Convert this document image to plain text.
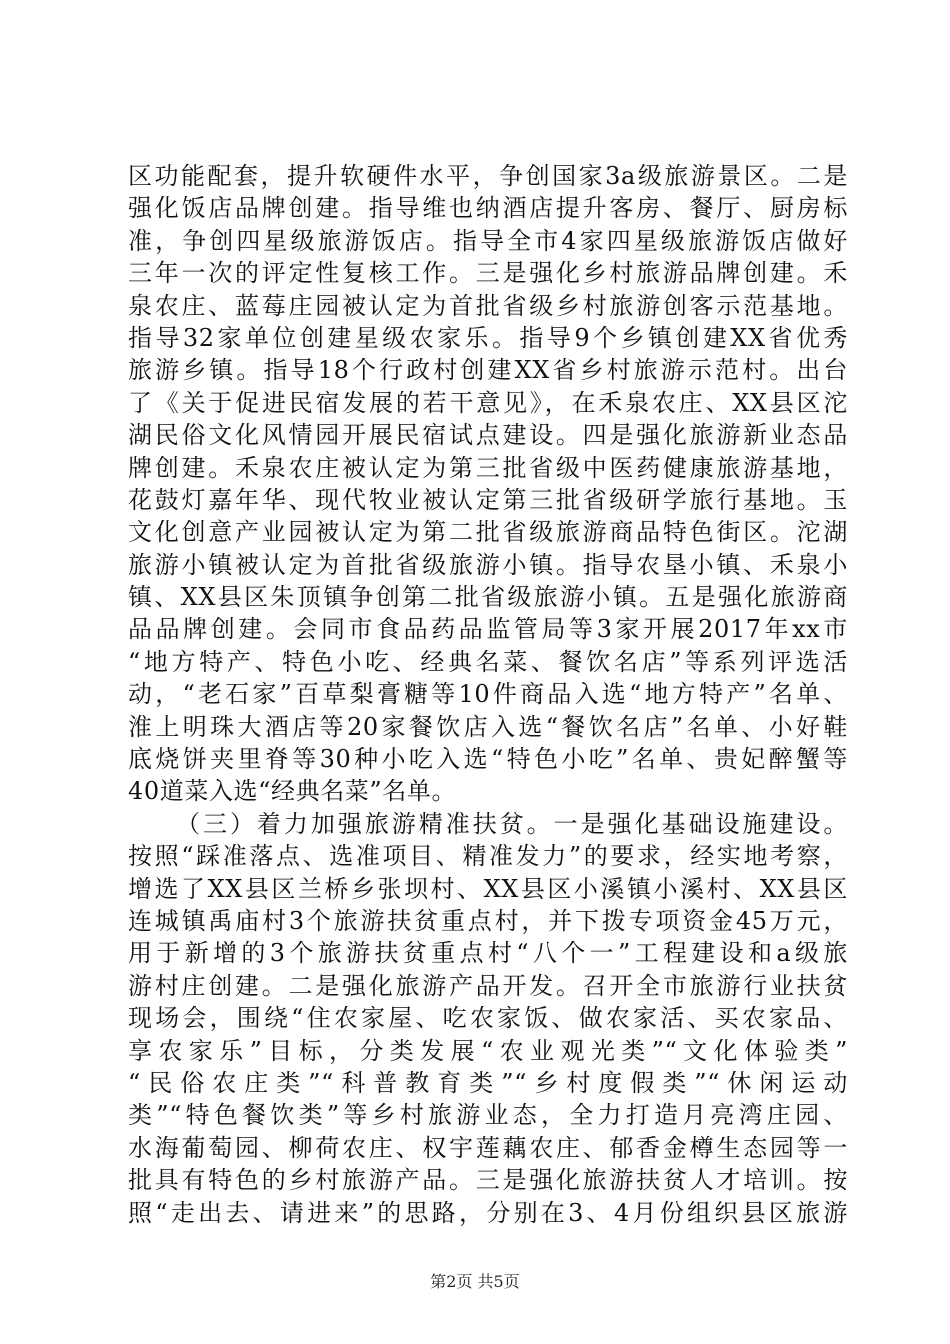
区功能配套，提升软硬件水平，争创国家3a级旅游景区。二是
强化饭店品牌创建。指导维也纳酒店提升客房、餐厅、厨房标
准，争创四星级旅游饭店。指导全市4家四星级旅游饭店做好
三年一次的评定性复核工作。三是强化乡村旅游品牌创建。禾
泉农庄、蓝莓庄园被认定为首批省级乡村旅游创客示范基地。
指导32家单位创建星级农家乐。指导9个乡镇创建XX省优秀
旅游乡镇。指导18个行政村创建XX省乡村旅游示范村。出台
了《关于促进民宿发展的若干意见》，在禾泉农庄、XX县区沱
湖民俗文化风情园开展民宿试点建设。四是强化旅游新业态品
牌创建。禾泉农庄被认定为第三批省级中医药健康旅游基地，
花鼓灯嘉年华、现代牧业被认定第三批省级研学旅行基地。玉
文化创意产业园被认定为第二批省级旅游商品特色街区。沱湖
旅游小镇被认定为首批省级旅游小镇。指导农垦小镇、禾泉小
镇、XX县区朱顶镇争创第二批省级旅游小镇。五是强化旅游商
品品牌创建。会同市食品药品监管局等3家开展2017年xx市
“地方特产、特色小吃、经典名菜、餐饮名店”等系列评选活
动，“老石家”百草梨膏糖等10件商品入选“地方特产”名单、
淮上明珠大酒店等20家餐饮店入选“餐饮名店”名单、小好鞋
底烧饼夹里脊等30种小吃入选“特色小吃”名单、贵妃醉蟹等
40道菜入选“经典名菜”名单。
（三）着力加强旅游精准扶贫。一是强化基础设施建设。
按照“踩准落点、选准项目、精准发力”的要求，经实地考察，
增选了XX县区兰桥乡张坝村、XX县区小溪镇小溪村、XX县区
连城镇禹庙村3个旅游扶贫重点村，并下拨专项资金45万元，
用于新增的3个旅游扶贫重点村“八个一”工程建设和a级旅
游村庄创建。二是强化旅游产品开发。召开全市旅游行业扶贫
现场会，围绕“住农家屋、吃农家饭、做农家活、买农家品、
享农家乐”目标，分类发展“农业观光类”“文化体验类”
“民俗农庄类”“科普教育类”“乡村度假类”“休闲运动
类”“特色餐饮类”等乡村旅游业态，全力打造月亮湾庄园、
水海葡萄园、柳荷农庄、权宇莲藕农庄、郁香金樽生态园等一
批具有特色的乡村旅游产品。三是强化旅游扶贫人才培训。按
照“走出去、请进来”的思路，分别在3、4月份组织县区旅游
第2页 共5页
